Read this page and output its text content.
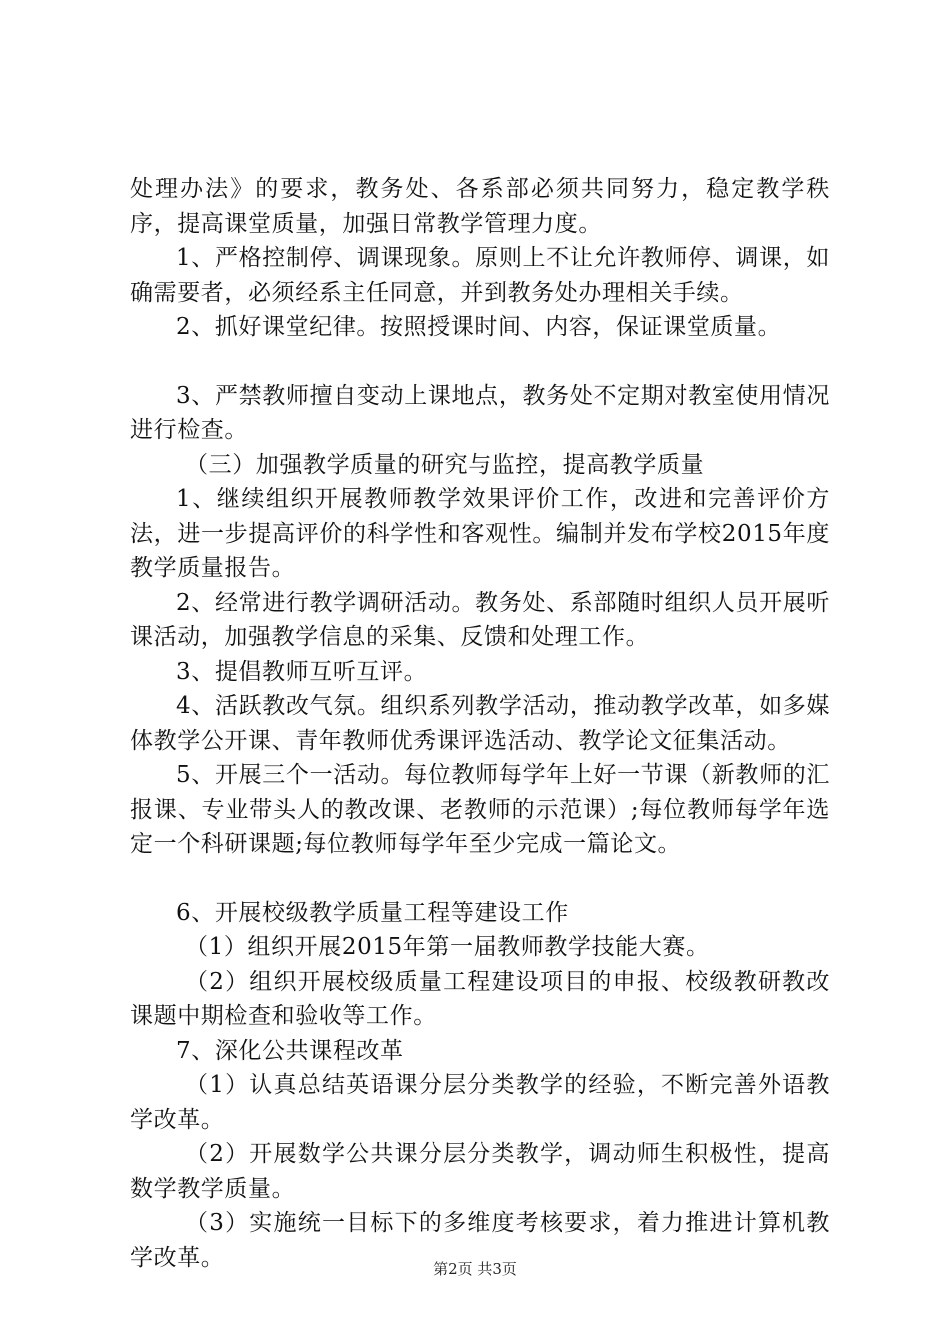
处理办法》的要求，教务处、各系部必须共同努力，稳定教学秩序，提高课堂质量，加强日常教学管理力度。

1、严格控制停、调课现象。原则上不让允许教师停、调课，如确需要者，必须经系主任同意，并到教务处办理相关手续。

2、抓好课堂纪律。按照授课时间、内容，保证课堂质量。

3、严禁教师擅自变动上课地点，教务处不定期对教室使用情况进行检查。

（三）加强教学质量的研究与监控，提高教学质量

1、继续组织开展教师教学效果评价工作，改进和完善评价方法，进一步提高评价的科学性和客观性。编制并发布学校2015年度教学质量报告。

2、经常进行教学调研活动。教务处、系部随时组织人员开展听课活动，加强教学信息的采集、反馈和处理工作。

3、提倡教师互听互评。

4、活跃教改气氛。组织系列教学活动，推动教学改革，如多媒体教学公开课、青年教师优秀课评选活动、教学论文征集活动。

5、开展三个一活动。每位教师每学年上好一节课（新教师的汇报课、专业带头人的教改课、老教师的示范课）;每位教师每学年选定一个科研课题;每位教师每学年至少完成一篇论文。

6、开展校级教学质量工程等建设工作

（1）组织开展2015年第一届教师教学技能大赛。

（2）组织开展校级质量工程建设项目的申报、校级教研教改课题中期检查和验收等工作。

7、深化公共课程改革

（1）认真总结英语课分层分类教学的经验，不断完善外语教学改革。

（2）开展数学公共课分层分类教学，调动师生积极性，提高数学教学质量。

（3）实施统一目标下的多维度考核要求，着力推进计算机教学改革。	第2页 共3页
